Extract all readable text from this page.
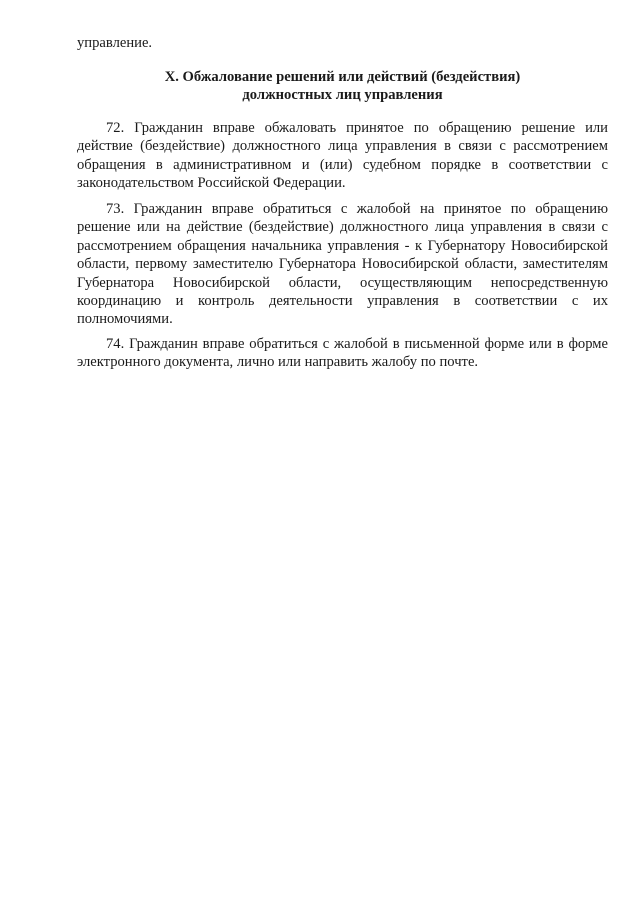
управление.
X. Обжалование решений или действий (бездействия)
должностных лиц управления

72. Гражданин вправе обжаловать принятое по обращению решение или действие (бездействие) должностного лица управления в связи с рассмотрением обращения в административном и (или) судебном порядке в соответствии с законодательством Российской Федерации.

73. Гражданин вправе обратиться с жалобой на принятое по обращению решение или на действие (бездействие) должностного лица управления в связи с рассмотрением обращения начальника управления - к Губернатору Новосибирской области, первому заместителю Губернатора Новосибирской области, заместителям Губернатора Новосибирской области, осуществляющим непосредственную координацию и контроль деятельности управления в соответствии с их полномочиями.

74. Гражданин вправе обратиться с жалобой в письменной форме или в форме электронного документа, лично или направить жалобу по почте.
